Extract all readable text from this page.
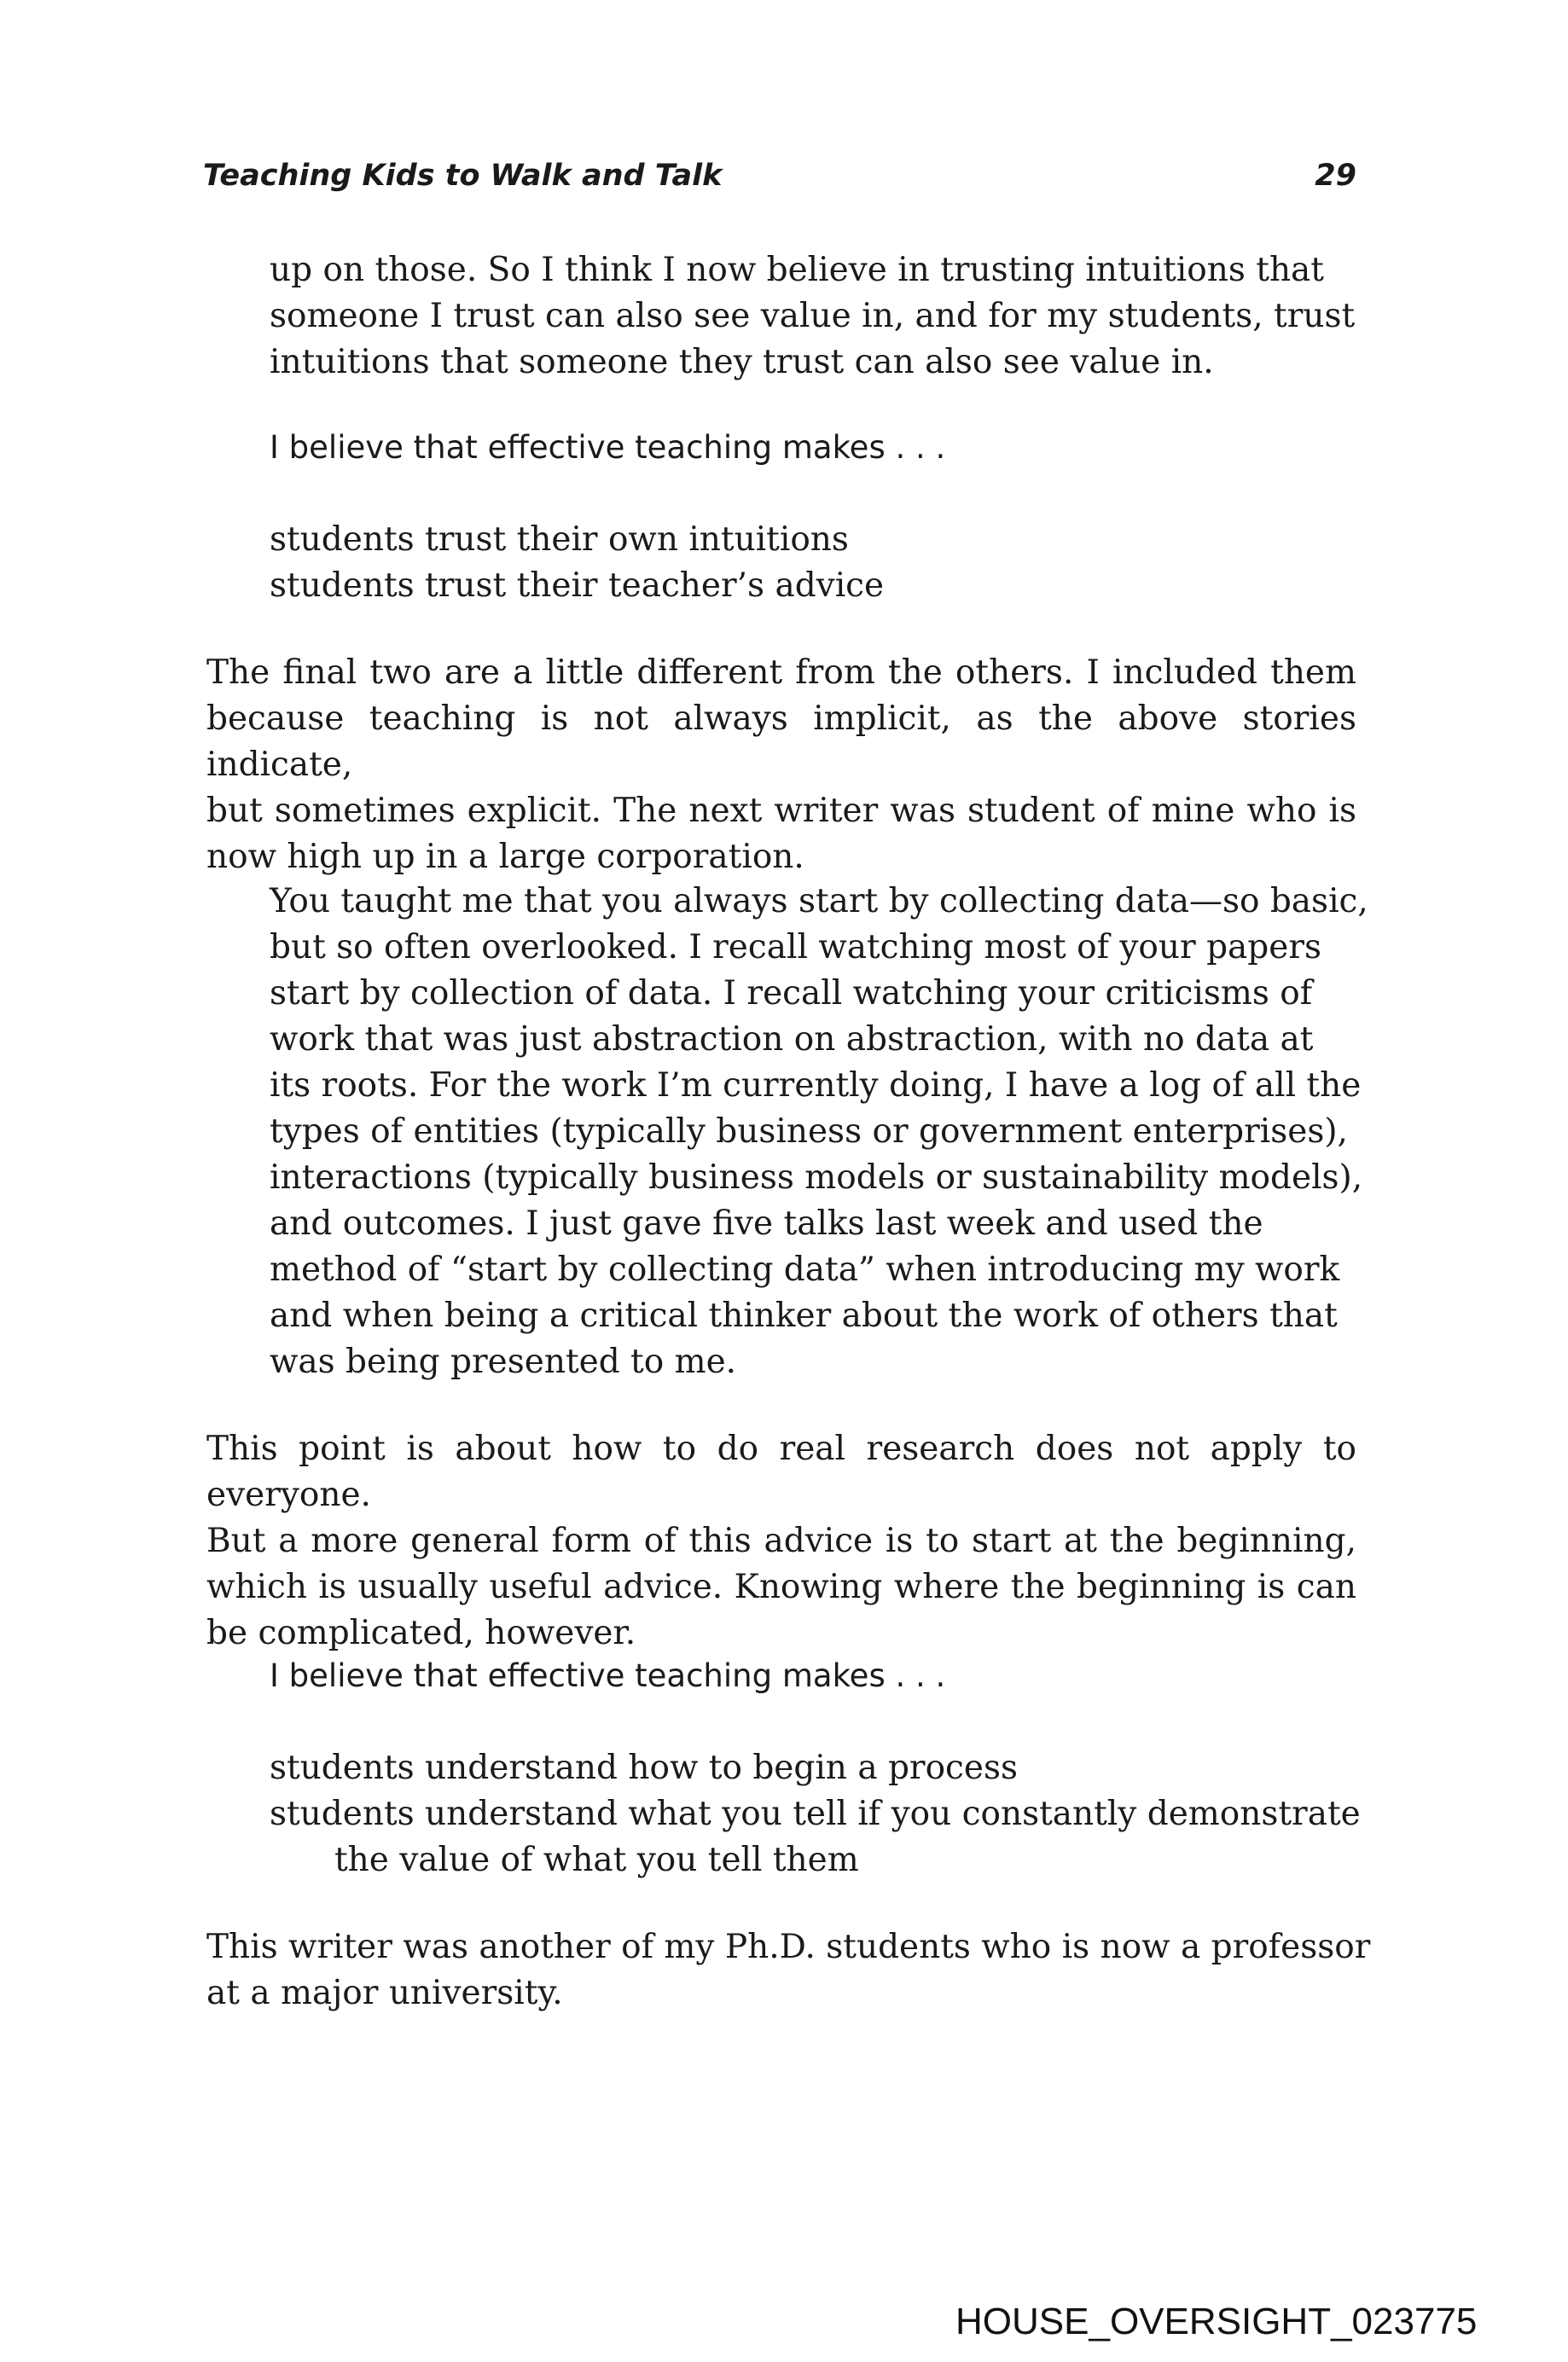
Teaching Kids to Walk and Talk	29
up on those. So I think I now believe in trusting intuitions that
someone I trust can also see value in, and for my students, trust
intuitions that someone they trust can also see value in.
I believe that effective teaching makes . . .
students trust their own intuitions
students trust their teacher’s advice
The final two are a little different from the others. I included them
because teaching is not always implicit, as the above stories indicate,
but sometimes explicit. The next writer was student of mine who is
now high up in a large corporation.
You taught me that you always start by collecting data—so basic,
but so often overlooked. I recall watching most of your papers
start by collection of data. I recall watching your criticisms of
work that was just abstraction on abstraction, with no data at
its roots. For the work I’m currently doing, I have a log of all the
types of entities (typically business or government enterprises),
interactions (typically business models or sustainability models),
and outcomes. I just gave five talks last week and used the
method of “start by collecting data” when introducing my work
and when being a critical thinker about the work of others that
was being presented to me.
This point is about how to do real research does not apply to everyone.
But a more general form of this advice is to start at the beginning,
which is usually useful advice. Knowing where the beginning is can
be complicated, however.
I believe that effective teaching makes . . .
students understand how to begin a process
students understand what you tell if you constantly demonstrate
the value of what you tell them
This writer was another of my Ph.D. students who is now a professor
at a major university.
HOUSE_OVERSIGHT_023775
